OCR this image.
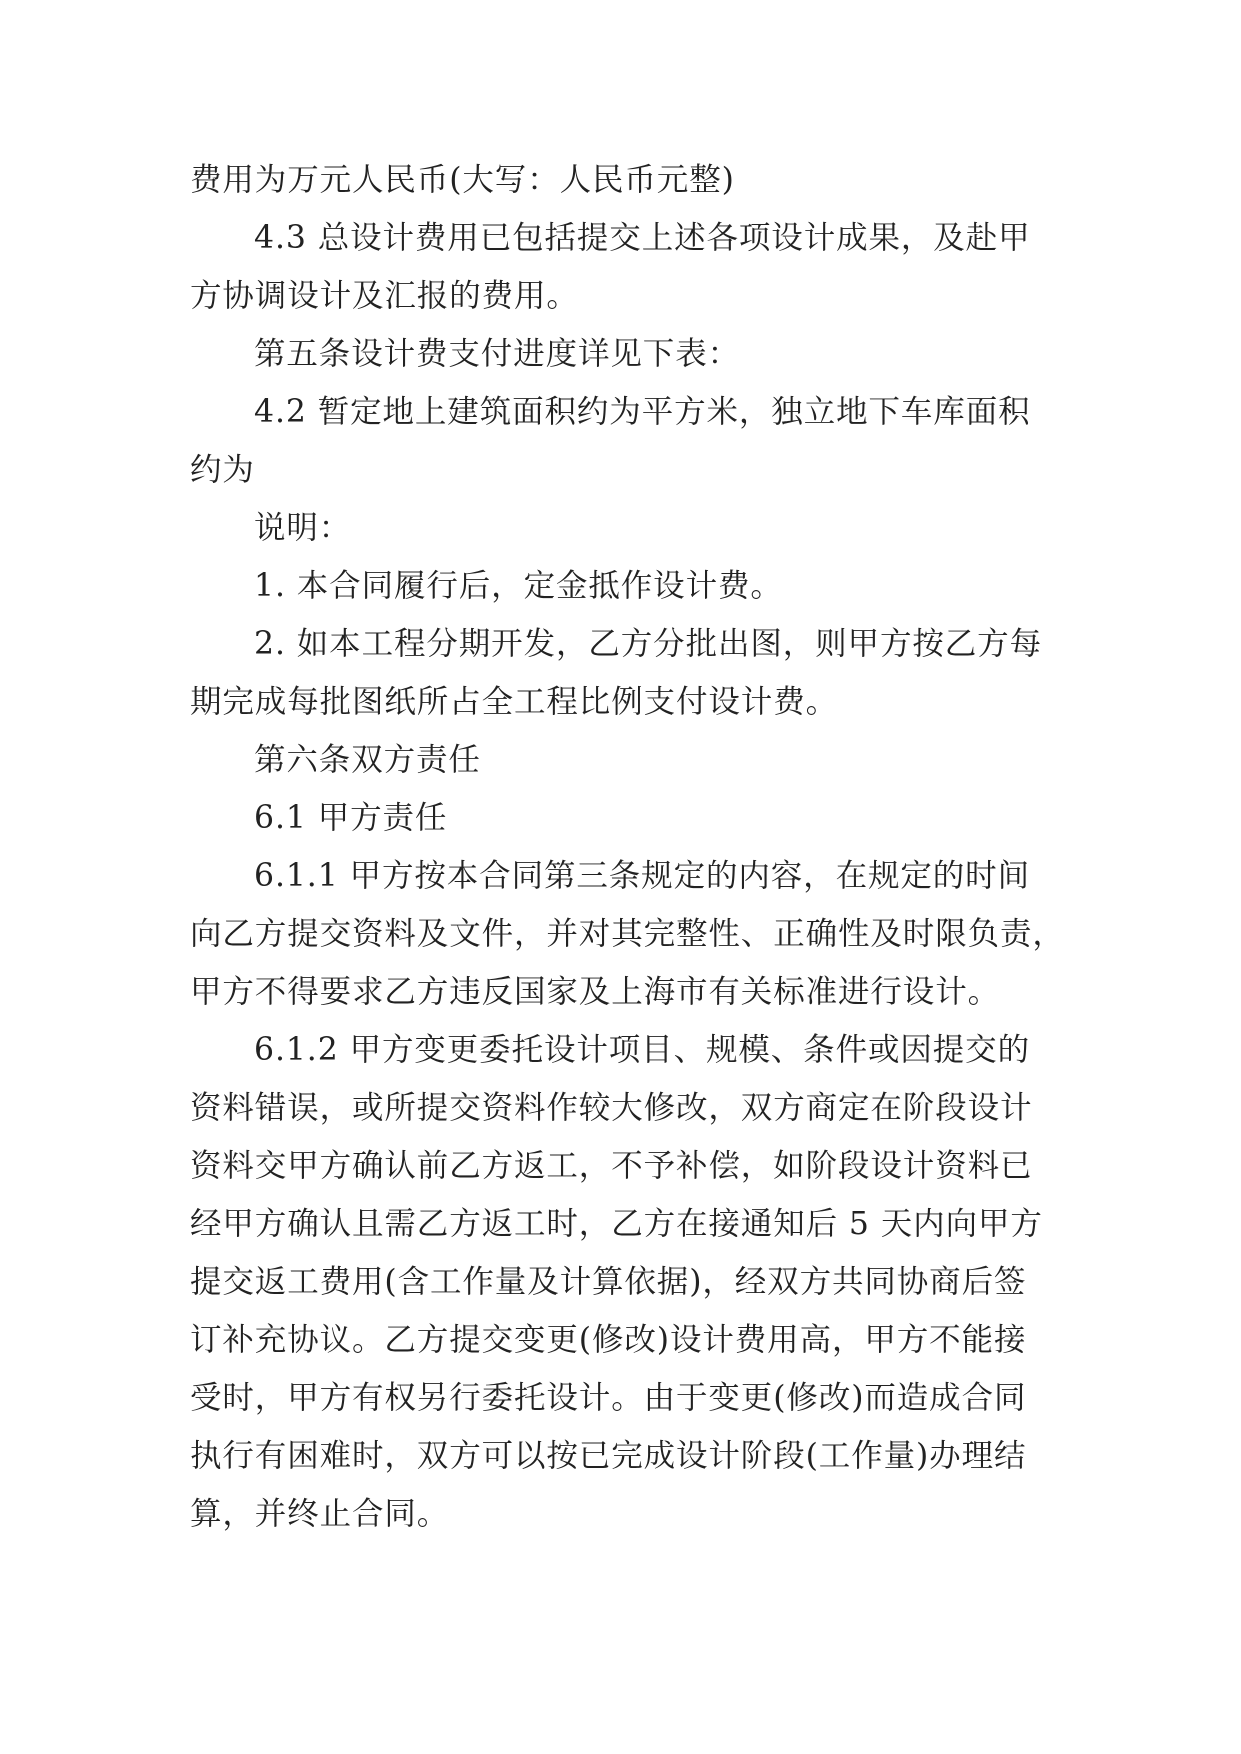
费用为万元人民币(大写：人民币元整)
4.3 总设计费用已包括提交上述各项设计成果，及赴甲
方协调设计及汇报的费用。
第五条设计费支付进度详见下表：
4.2 暂定地上建筑面积约为平方米，独立地下车库面积
约为
说明：
1. 本合同履行后，定金抵作设计费。
2. 如本工程分期开发，乙方分批出图，则甲方按乙方每
期完成每批图纸所占全工程比例支付设计费。
第六条双方责任
6.1 甲方责任
6.1.1 甲方按本合同第三条规定的内容，在规定的时间
向乙方提交资料及文件，并对其完整性、正确性及时限负责，
甲方不得要求乙方违反国家及上海市有关标准进行设计。
6.1.2 甲方变更委托设计项目、规模、条件或因提交的
资料错误，或所提交资料作较大修改，双方商定在阶段设计
资料交甲方确认前乙方返工，不予补偿，如阶段设计资料已
经甲方确认且需乙方返工时，乙方在接通知后 5 天内向甲方
提交返工费用(含工作量及计算依据)，经双方共同协商后签
订补充协议。乙方提交变更(修改)设计费用高，甲方不能接
受时，甲方有权另行委托设计。由于变更(修改)而造成合同
执行有困难时，双方可以按已完成设计阶段(工作量)办理结
算，并终止合同。
